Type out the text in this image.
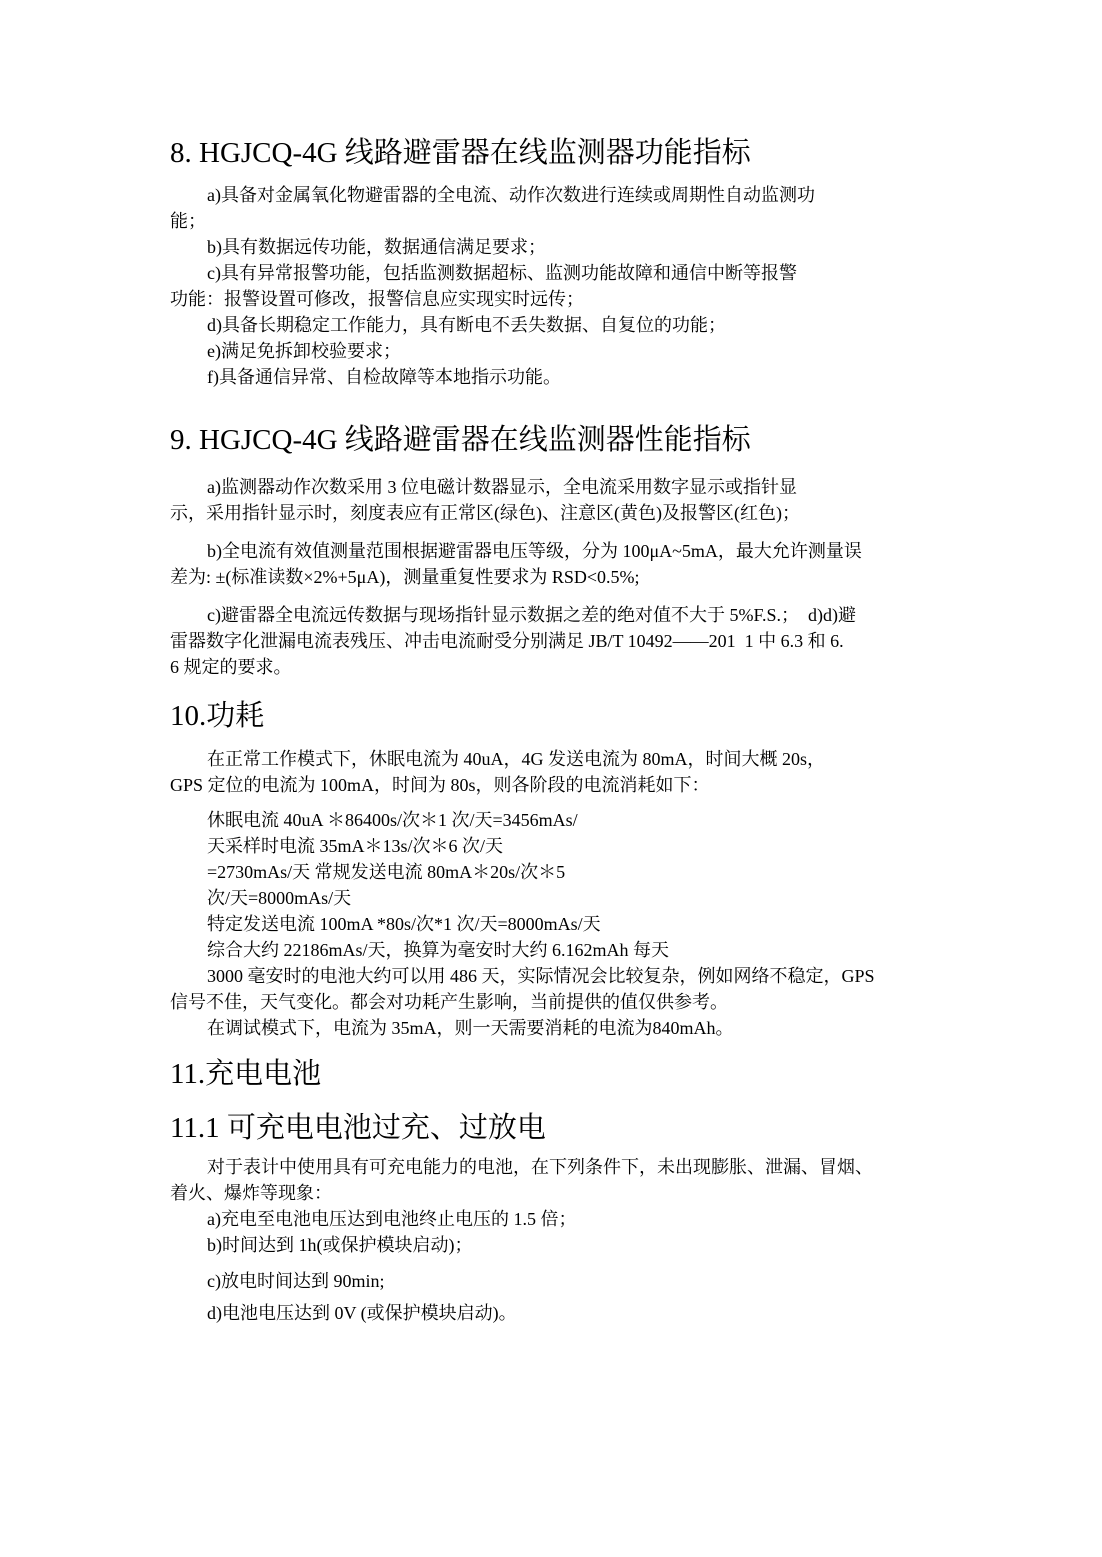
8. HGJCQ-4G 线路避雷器在线监测器功能指标
a)具备对金属氧化物避雷器的全电流、动作次数进行连续或周期性自动监测功
能；
b)具有数据远传功能，数据通信满足要求；
c)具有异常报警功能，包括监测数据超标、监测功能故障和通信中断等报警
功能：报警设置可修改，报警信息应实现实时远传；
d)具备长期稳定工作能力，具有断电不丢失数据、自复位的功能；
e)满足免拆卸校验要求；
f)具备通信异常、自检故障等本地指示功能。
9. HGJCQ-4G 线路避雷器在线监测器性能指标
a)监测器动作次数采用 3 位电磁计数器显示，全电流采用数字显示或指针显
示，采用指针显示时，刻度表应有正常区(绿色)、注意区(黄色)及报警区(红色)；
b)全电流有效值测量范围根据避雷器电压等级，分为 100μA~5mA，最大允许测量误
差为: ±(标准读数×2%+5μA)，测量重复性要求为 RSD<0.5%;
c)避雷器全电流远传数据与现场指针显示数据之差的绝对值不大于 5%F.S.；  d)d)避
雷器数字化泄漏电流表残压、冲击电流耐受分别满足 JB/T 10492——201  1 中 6.3 和 6.
6 规定的要求。
10.功耗
在正常工作模式下，休眠电流为 40uA，4G 发送电流为 80mA，时间大概 20s，
GPS 定位的电流为 100mA，时间为 80s，则各阶段的电流消耗如下：
休眠电流 40uA ＊86400s/次＊1 次/天=3456mAs/
天采样时电流 35mA＊13s/次＊6 次/天
=2730mAs/天 常规发送电流 80mA＊20s/次＊5
次/天=8000mAs/天
特定发送电流 100mA *80s/次*1 次/天=8000mAs/天
综合大约 22186mAs/天，换算为毫安时大约 6.162mAh 每天
3000 毫安时的电池大约可以用 486 天，实际情况会比较复杂，例如网络不稳定，GPS
信号不佳，天气变化。都会对功耗产生影响，当前提供的值仅供参考。
在调试模式下，电流为 35mA，则一天需要消耗的电流为840mAh。
11.充电电池
11.1 可充电电池过充、过放电
对于表计中使用具有可充电能力的电池，在下列条件下，未出现膨胀、泄漏、冒烟、
着火、爆炸等现象：
a)充电至电池电压达到电池终止电压的 1.5 倍；
b)时间达到 1h(或保护模块启动)；
c)放电时间达到 90min;
d)电池电压达到 0V (或保护模块启动)。
